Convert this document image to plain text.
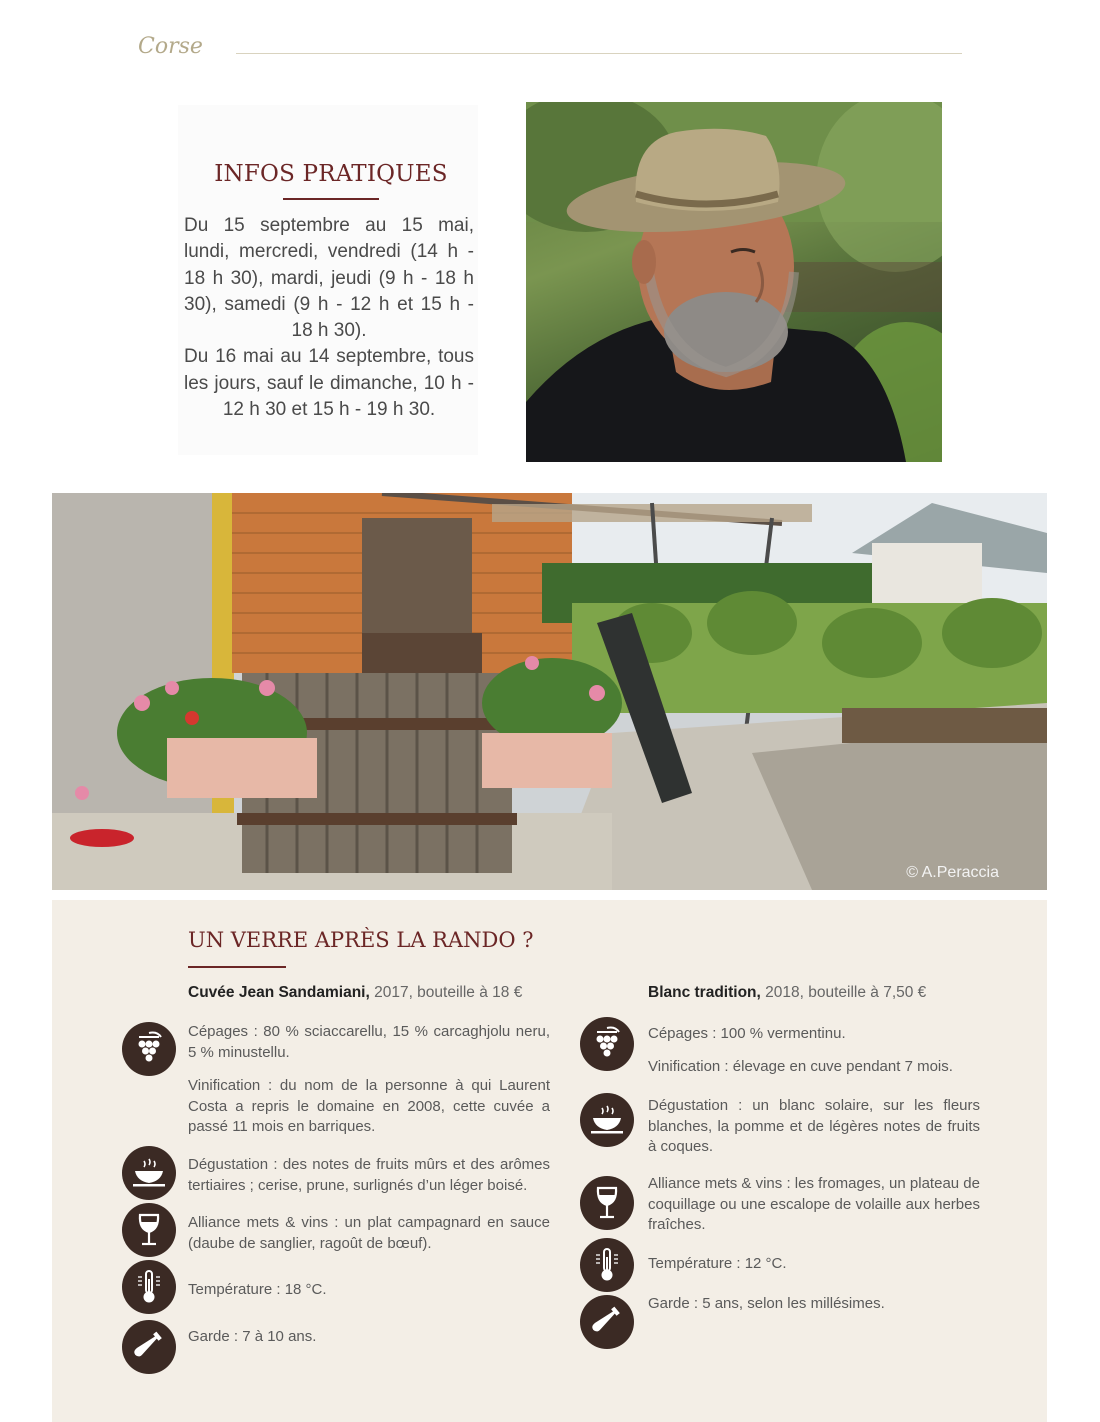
Corse
INFOS PRATIQUES

Du 15 septembre au 15 mai, lundi, mercredi, vendredi (14 h - 18 h 30), mardi, jeudi (9 h - 18 h 30), samedi (9 h - 12 h et 15 h - 18 h 30).

Du 16 mai au 14 septembre, tous les jours, sauf le dimanche, 10 h - 12 h 30 et 15 h - 19 h 30.

© A.Peraccia
UN VERRE APRÈS LA RANDO ?
Cuvée Jean Sandamiani, 2017, bouteille à 18 €
Cépages : 80 % sciaccarellu, 15 % carcaghjolu neru, 5 % minustellu.
Vinification : du nom de la personne à qui Laurent Costa a repris le domaine en 2008, cette cuvée a passé 11 mois en barriques.
Dégustation : des notes de fruits mûrs et des arômes tertiaires ; cerise, prune, surlignés d’un léger boisé.
Alliance mets & vins : un plat campagnard en sauce (daube de sanglier, ragoût de bœuf).
Température : 18 °C.
Garde : 7 à 10 ans.
Blanc tradition, 2018, bouteille à 7,50 €
Cépages : 100 % vermentinu.
Vinification : élevage en cuve pendant 7 mois.
Dégustation : un blanc solaire, sur les fleurs blanches, la pomme et de légères notes de fruits à coques.
Alliance mets & vins : les fromages, un plateau de coquillage ou une escalope de volaille aux herbes fraîches.
Température : 12 °C.
Garde : 5 ans, selon les millésimes.
